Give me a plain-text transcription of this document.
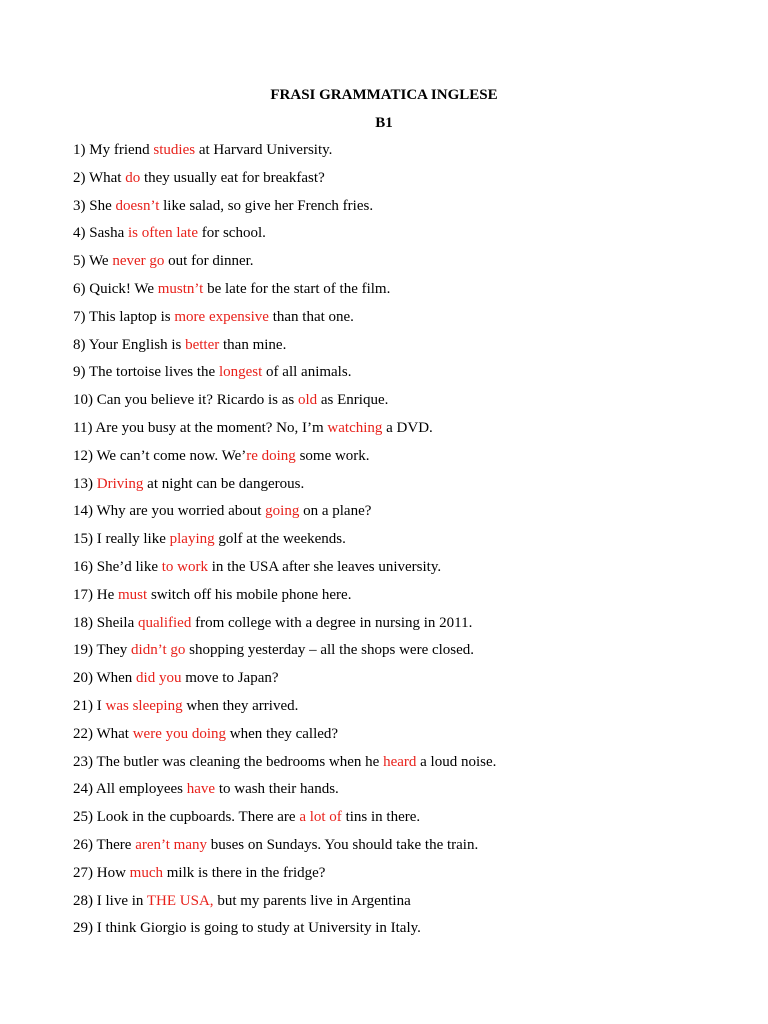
FRASI GRAMMATICA INGLESE
B1
1) My friend studies at Harvard University.
2) What do they usually eat for breakfast?
3) She doesn’t like salad, so give her French fries.
4) Sasha is often late for school.
5) We never go out for dinner.
6) Quick! We mustn’t be late for the start of the film.
7) This laptop is more expensive than that one.
8) Your English is better than mine.
9) The tortoise lives the longest of all animals.
10) Can you believe it? Ricardo is as old as Enrique.
11) Are you busy at the moment? No, I’m watching a DVD.
12) We can’t come now. We’re doing some work.
13) Driving at night can be dangerous.
14) Why are you worried about going on a plane?
15) I really like playing golf at the weekends.
16) She’d like to work in the USA after she leaves university.
17) He must switch off his mobile phone here.
18) Sheila qualified from college with a degree in nursing in 2011.
19) They didn’t go shopping yesterday – all the shops were closed.
20) When did you move to Japan?
21) I was sleeping when they arrived.
22) What were you doing when they called?
23) The butler was cleaning the bedrooms when he heard a loud noise.
24) All employees have to wash their hands.
25) Look in the cupboards. There are a lot of tins in there.
26) There aren’t many buses on Sundays. You should take the train.
27) How much milk is there in the fridge?
28) I live in THE USA, but my parents live in Argentina
29) I think Giorgio is going to study at University in Italy.
